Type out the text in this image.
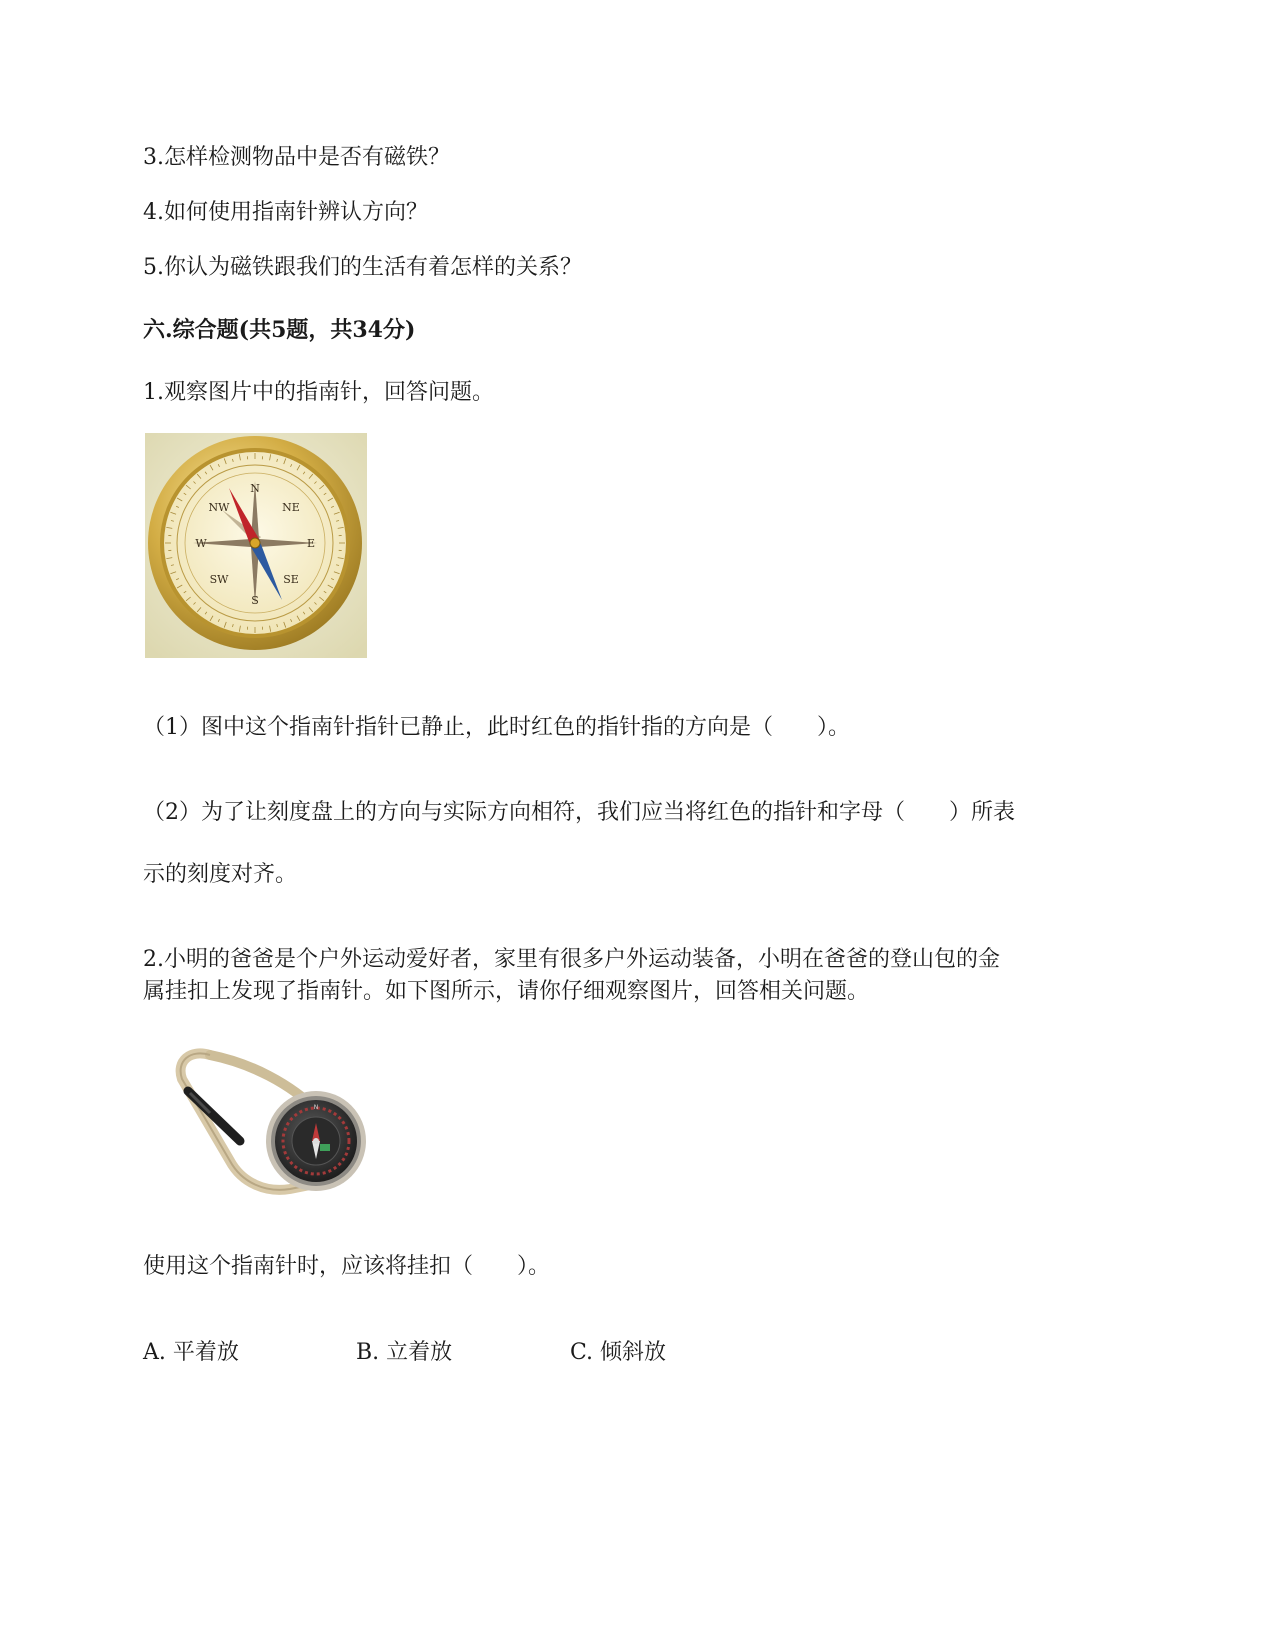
3.怎样检测物品中是否有磁铁？
4.如何使用指南针辨认方向？
5.你认为磁铁跟我们的生活有着怎样的关系？
六.综合题(共5题，共34分)
1.观察图片中的指南针，回答问题。
N
NE
E
SE
S
SW
W
NW
（1）图中这个指南针指针已静止，此时红色的指针指的方向是（　　）。
（2）为了让刻度盘上的方向与实际方向相符，我们应当将红色的指针和字母（　　）所表
示的刻度对齐。
2.小明的爸爸是个户外运动爱好者，家里有很多户外运动装备，小明在爸爸的登山包的金
属挂扣上发现了指南针。如下图所示，请你仔细观察图片，回答相关问题。
N
使用这个指南针时，应该将挂扣（　　）。
A. 平着放	B. 立着放	C. 倾斜放
